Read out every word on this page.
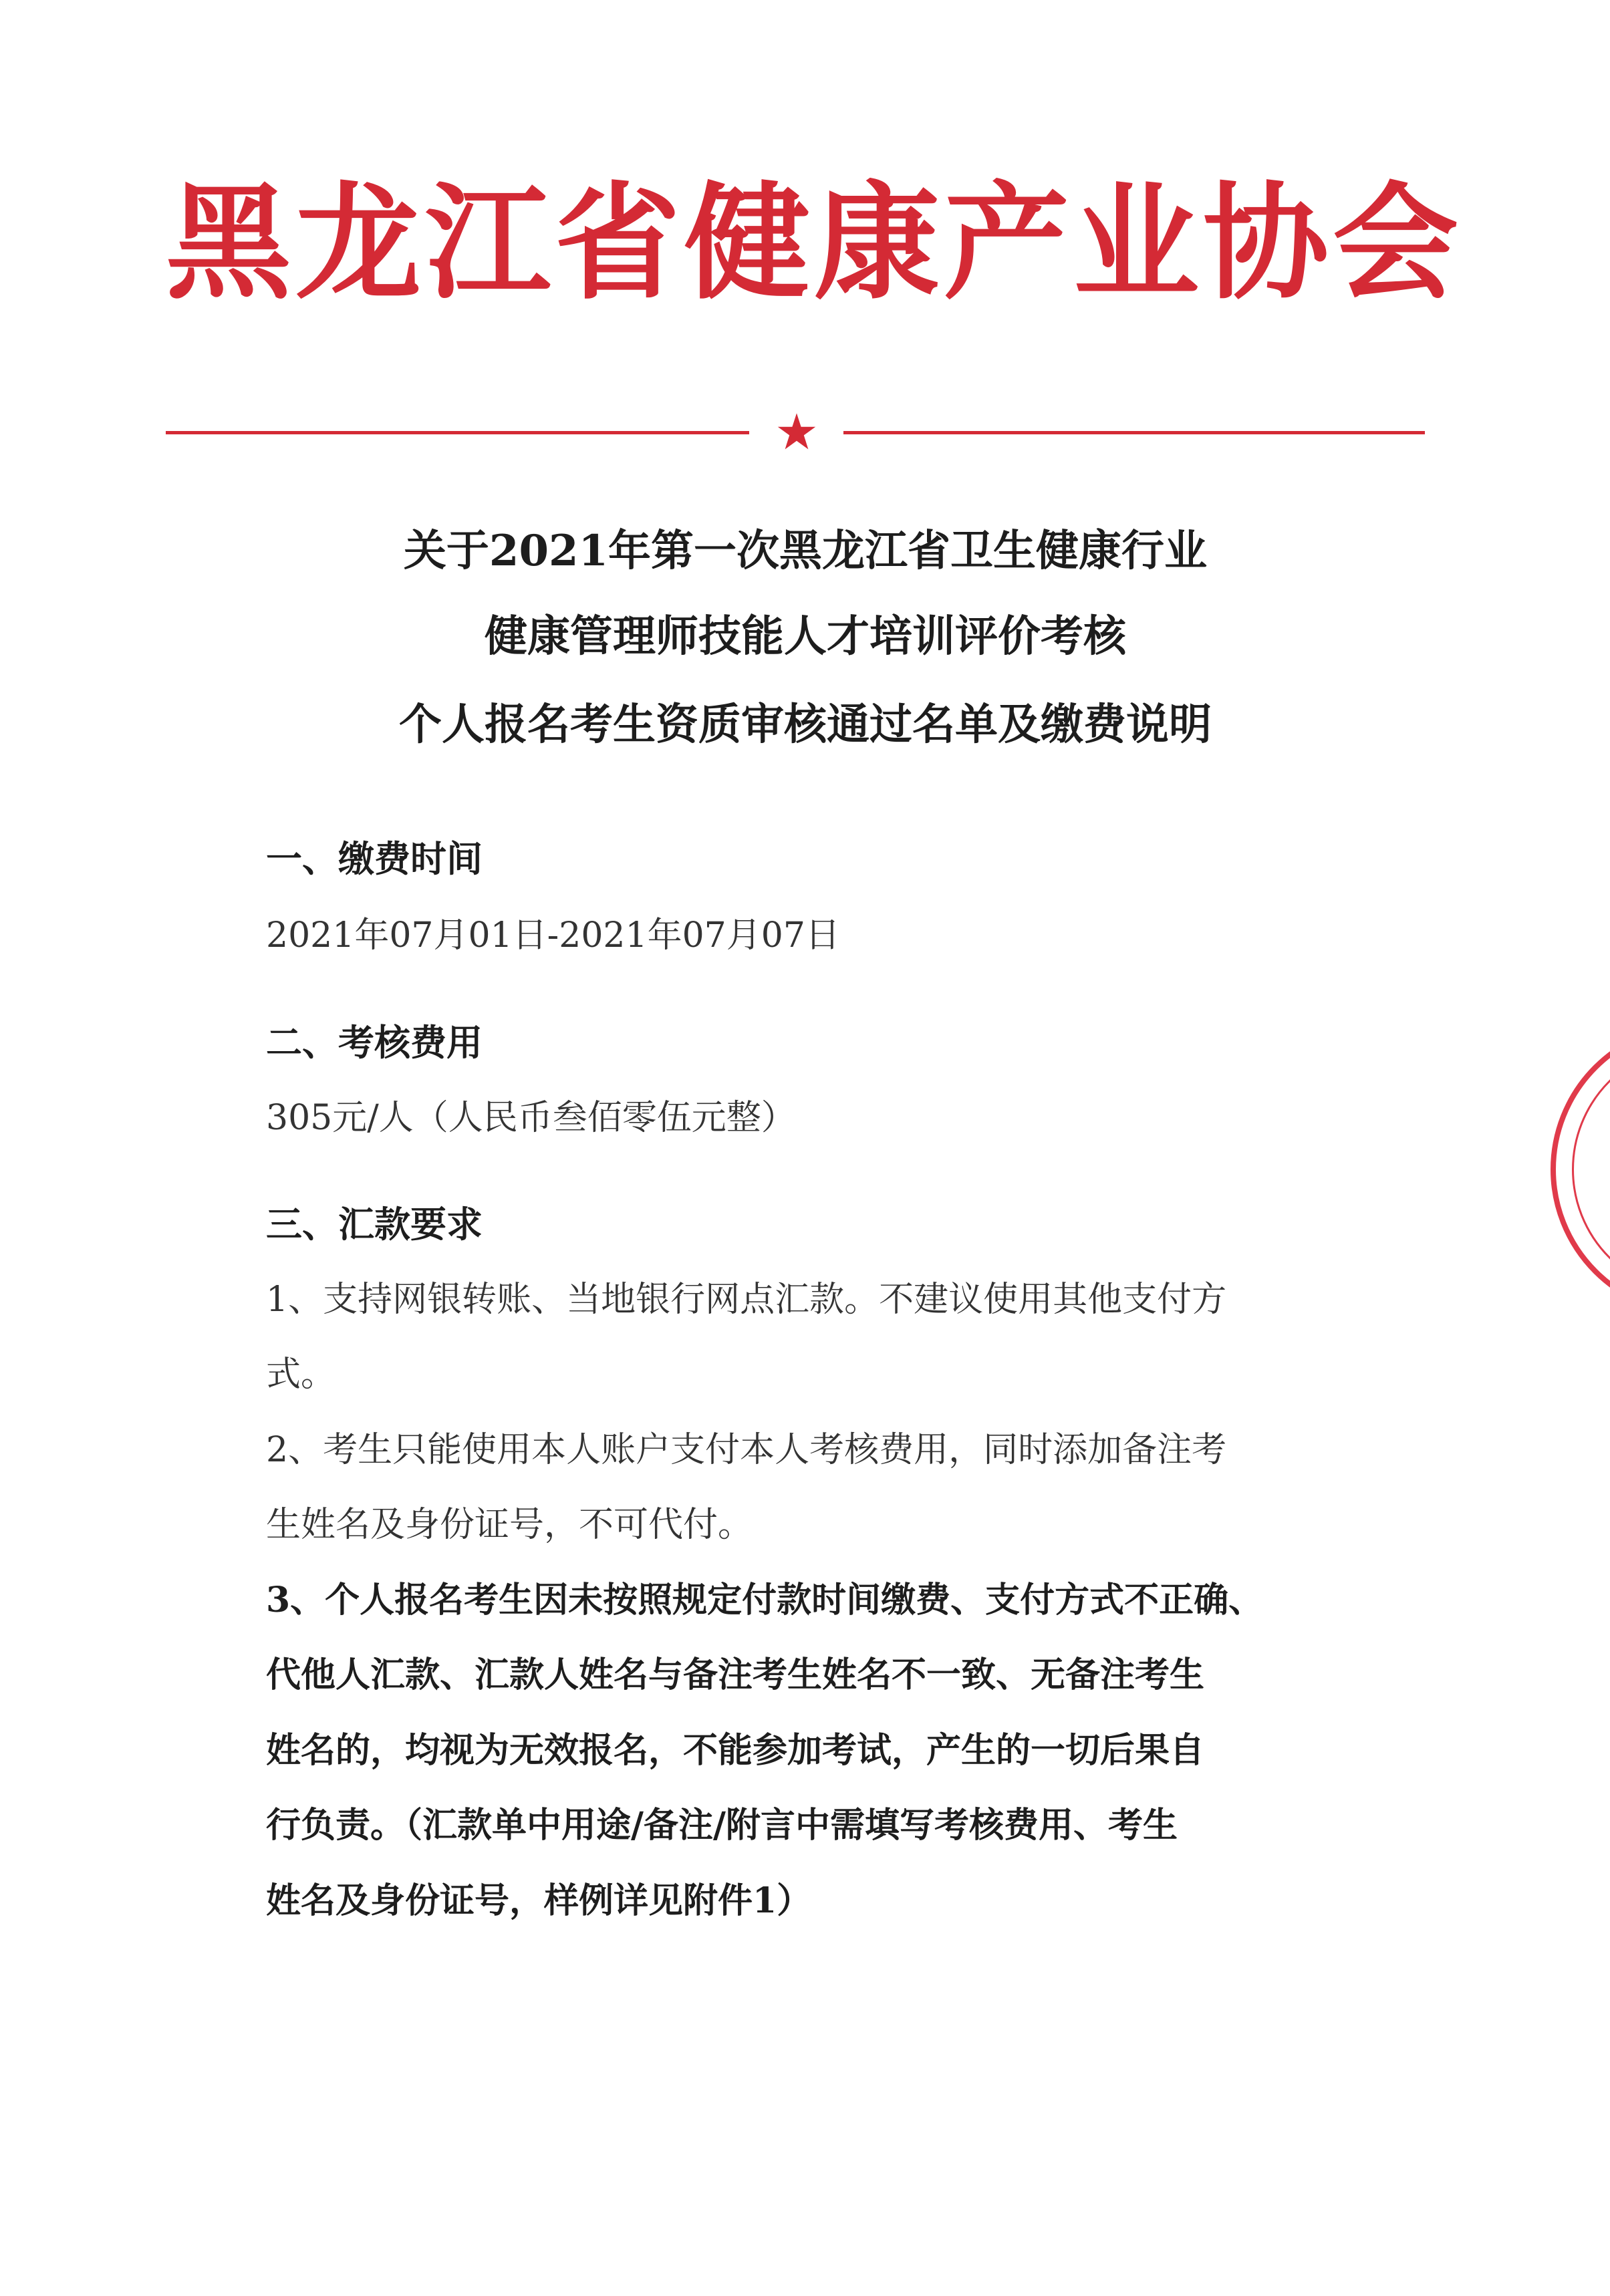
黑龙江省健康产业协会
关于2021年第一次黑龙江省卫生健康行业
健康管理师技能人才培训评价考核
个人报名考生资质审核通过名单及缴费说明
一、缴费时间
2021年07月01日-2021年07月07日
二、考核费用
305元/人（人民币叁佰零伍元整）
三、汇款要求
1、支持网银转账、当地银行网点汇款。不建议使用其他支付方
式。
2、考生只能使用本人账户支付本人考核费用，同时添加备注考
生姓名及身份证号，不可代付。
3、个人报名考生因未按照规定付款时间缴费、支付方式不正确、
代他人汇款、汇款人姓名与备注考生姓名不一致、无备注考生
姓名的，均视为无效报名，不能参加考试，产生的一切后果自
行负责。（汇款单中用途/备注/附言中需填写考核费用、考生
姓名及身份证号，样例详见附件1）
